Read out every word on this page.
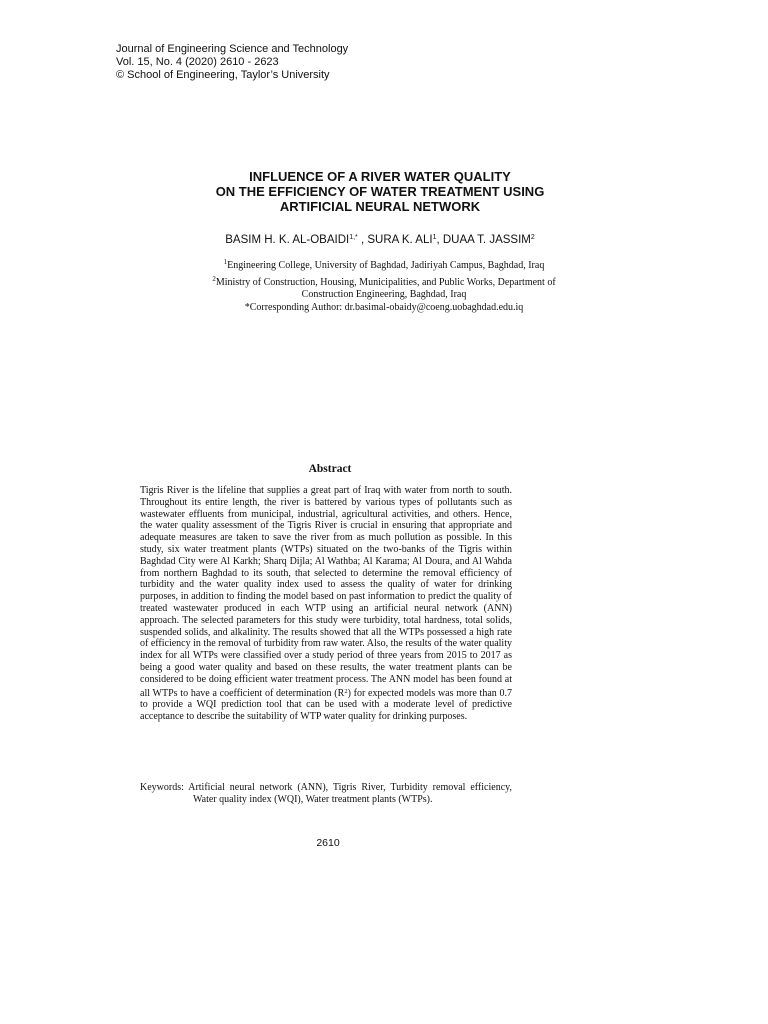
Journal of Engineering Science and Technology
Vol. 15, No. 4 (2020) 2610 - 2623
© School of Engineering, Taylor’s University
INFLUENCE OF A RIVER WATER QUALITY
ON THE EFFICIENCY OF WATER TREATMENT USING
ARTIFICIAL NEURAL NETWORK
BASIM H. K. $AL-OBAIDI^{1,*}$ , SURA K. ALI$^1$, DUAA T. JASSIM$^2$
$^1$Engineering College, University of Baghdad, Jadiriyah Campus, Baghdad, Iraq
$^2$Ministry of Construction, Housing, Municipalities, and Public Works, Department of
Construction Engineering, Baghdad, Iraq
*Corresponding Author: dr.basimal-obaidy@coeng.uobaghdad.edu.iq
Abstract
Tigris River is the lifeline that supplies a great part of Iraq with water from north to south. Throughout its entire length, the river is battered by various types of pollutants such as wastewater effluents from municipal, industrial, agricultural activities, and others. Hence, the water quality assessment of the Tigris River is crucial in ensuring that appropriate and adequate measures are taken to save the river from as much pollution as possible. In this study, six water treatment plants (WTPs) situated on the two-banks of the Tigris within Baghdad City were Al Karkh; Sharq Dijla; Al Wathba; Al Karama; Al Doura, and Al Wahda from northern Baghdad to its south, that selected to determine the removal efficiency of turbidity and the water quality index used to assess the quality of water for drinking purposes, in addition to finding the model based on past information to predict the quality of treated wastewater produced in each WTP using an artificial neural network (ANN) approach. The selected parameters for this study were turbidity, total hardness, total solids, suspended solids, and alkalinity. The results showed that all the WTPs possessed a high rate of efficiency in the removal of turbidity from raw water. Also, the results of the water quality index for all WTPs were classified over a study period of three years from 2015 to 2017 as being a good water quality and based on these results, the water treatment plants can be considered to be doing efficient water treatment process. The ANN model has been found at all WTPs to have a coefficient of determination $(R^2)$ for expected models was more than 0.7 to provide a WQI prediction tool that can be used with a moderate level of predictive acceptance to describe the suitability of WTP water quality for drinking purposes.
Keywords: Artificial neural network (ANN), Tigris River, Turbidity removal efficiency, Water quality index (WQI), Water treatment plants (WTPs).
2610
